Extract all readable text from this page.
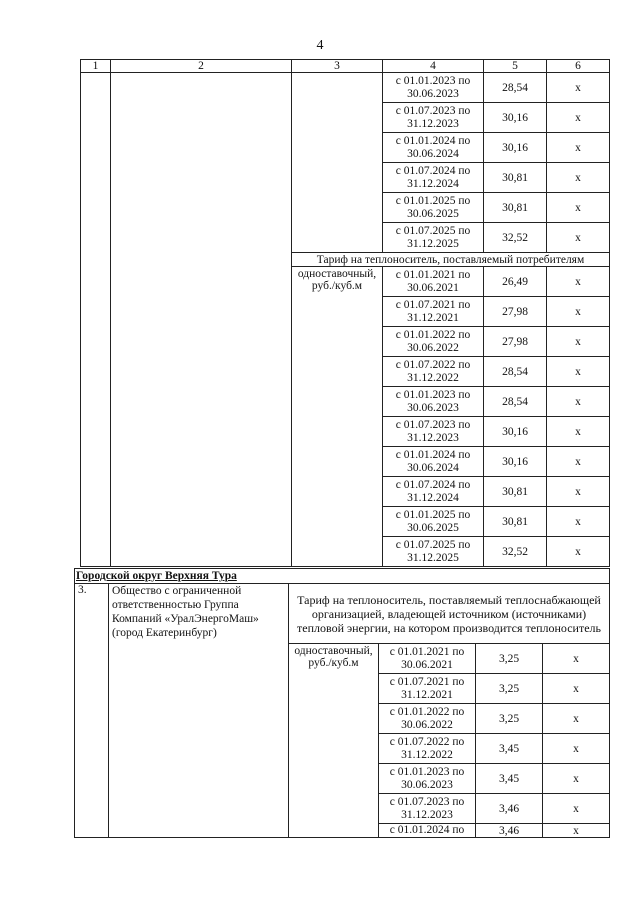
4
1	2	3	4	5	6
			с 01.01.2023 по 30.06.2023	28,54	x
			с 01.07.2023 по 31.12.2023	30,16	x
			с 01.01.2024 по 30.06.2024	30,16	x
			с 01.07.2024 по 31.12.2024	30,81	x
			с 01.01.2025 по 30.06.2025	30,81	x
			с 01.07.2025 по 31.12.2025	32,52	x
		Тариф на теплоноситель, поставляемый потребителям			
		одноставочный, руб./куб.м	с 01.01.2021 по 30.06.2021	26,49	x
			с 01.07.2021 по 31.12.2021	27,98	x
			с 01.01.2022 по 30.06.2022	27,98	x
			с 01.07.2022 по 31.12.2022	28,54	x
			с 01.01.2023 по 30.06.2023	28,54	x
			с 01.07.2023 по 31.12.2023	30,16	x
			с 01.01.2024 по 30.06.2024	30,16	x
			с 01.07.2024 по 31.12.2024	30,81	x
			с 01.01.2025 по 30.06.2025	30,81	x
			с 01.07.2025 по 31.12.2025	32,52	x
Городской округ Верхняя Тура					
3.	Общество с ограниченной ответственностью Группа Компаний «УралЭнергоМаш» (город Екатеринбург)	Тариф на теплоноситель, поставляемый теплоснабжающей организацией, владеющей источником (источниками) тепловой энергии, на котором производится теплоноситель			
		одноставочный, руб./куб.м	с 01.01.2021 по 30.06.2021	3,25	x
			с 01.07.2021 по 31.12.2021	3,25	x
			с 01.01.2022 по 30.06.2022	3,25	x
			с 01.07.2022 по 31.12.2022	3,45	x
			с 01.01.2023 по 30.06.2023	3,45	x
			с 01.07.2023 по 31.12.2023	3,46	x
			с 01.01.2024 по	3,46	x
